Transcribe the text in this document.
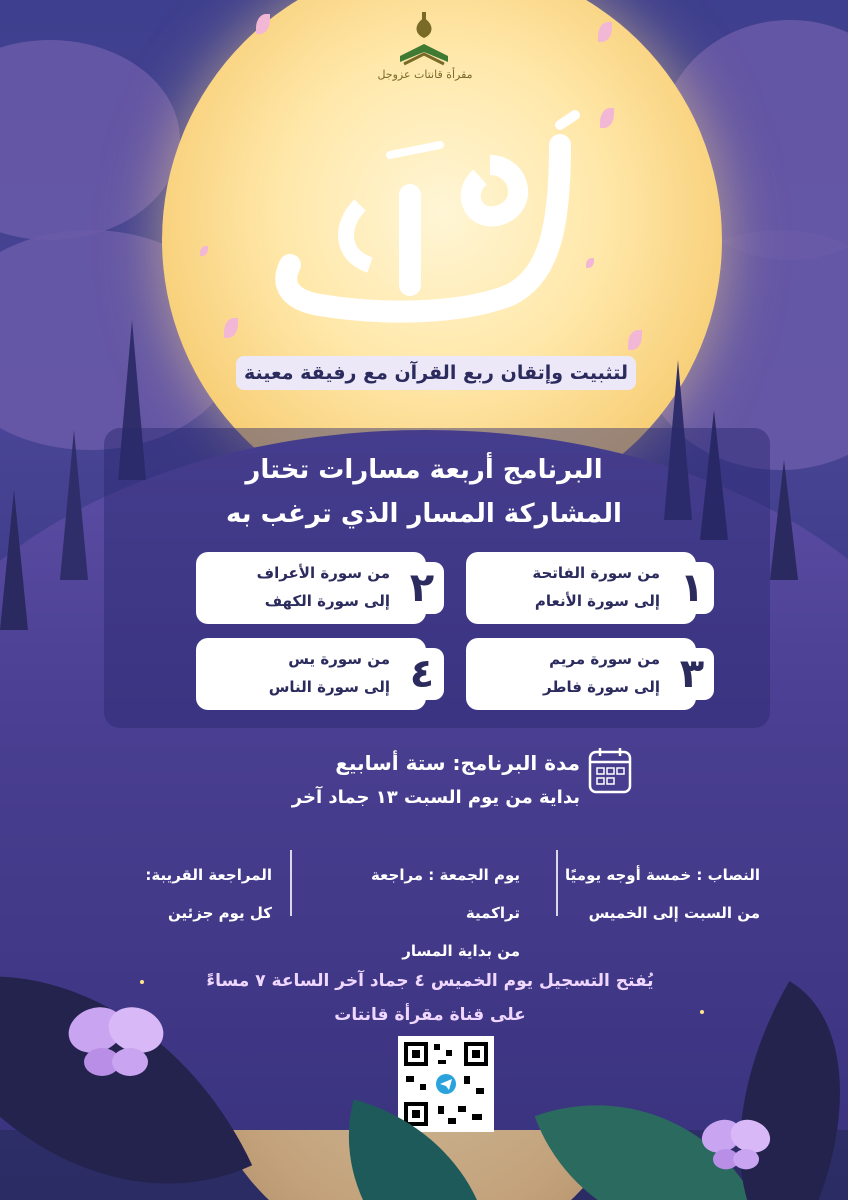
مقرأة قانتات عزوجل
لتثبيت وإتقان ربع القرآن مع رفيقة معينة
البرنامج أربعة مسارات تختار
المشاركة المسار الذي ترغب به
١
من سورة الفاتحة
إلى سورة الأنعام
٢
من سورة الأعراف
إلى سورة الكهف
٣
من سورة مريم
إلى سورة فاطر
٤
من سورة يس
إلى سورة الناس
مدة البرنامج: ستة أسابيع
بداية من يوم السبت ١٣ جماد آخر
النصاب : خمسة أوجه يوميًا
من السبت إلى الخميس
يوم الجمعة : مراجعة تراكمية
من بداية المسار
المراجعة القريبة:
كل يوم جزئين
يُفتح التسجيل يوم الخميس ٤ جماد آخر الساعة ٧ مساءً
على قناة مقرأة قانتات
